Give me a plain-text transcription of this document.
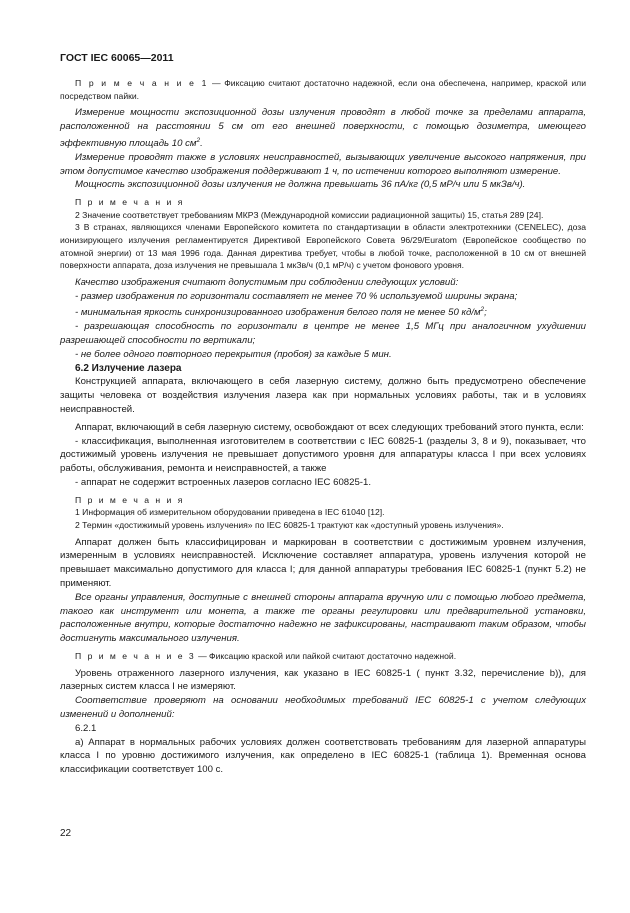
ГОСТ IEC 60065—2011

П р и м е ч а н и е 1 — Фиксацию считают достаточно надежной, если она обеспечена, например, краской или посредством пайки.

Измерение мощности экспозиционной дозы излучения проводят в любой точке за пределами аппарата, расположенной на расстоянии 5 см от его внешней поверхности, с помощью дозиметра, имеющего эффективную площадь 10 $см^2$.

Измерение проводят также в условиях неисправностей, вызывающих увеличение высокого напряжения, при этом допустимое качество изображения поддерживают 1 ч, по истечении которого выполняют измерение.

Мощность экспозиционной дозы излучения не должна превышать 36 пА/кг (0,5 мР/ч или 5 мкЗв/ч).

П р и м е ч а н и я

2 Значение соответствует требованиям МКРЗ (Международной комиссии радиационной защиты) 15, статья 289 [24].

3 В странах, являющихся членами Европейского комитета по стандартизации в области электротехники (CENELEC), доза ионизирующего излучения регламентируется Директивой Европейского Совета 96/29/Euratom (Европейское сообщество по атомной энергии) от 13 мая 1996 года. Данная директива требует, чтобы в любой точке, расположенной в 10 см от внешней поверхности аппарата, доза излучения не превышала 1 мкЗв/ч (0,1 мР/ч) с учетом фонового уровня.

Качество изображения считают допустимым при соблюдении следующих условий:

- размер изображения по горизонтали составляет не менее 70 % используемой ширины экрана;

- минимальная яркость синхронизированного изображения белого поля не менее 50 $кд/м^2$;

- разрешающая способность по горизонтали в центре не менее 1,5 МГц при аналогичном ухудшении разрешающей способности по вертикали;

- не более одного повторного перекрытия (пробоя) за каждые 5 мин.

6.2 Излучение лазера

Конструкцией аппарата, включающего в себя лазерную систему, должно быть предусмотрено обеспечение защиты человека от воздействия излучения лазера как при нормальных условиях работы, так и в условиях неисправностей.

Аппарат, включающий в себя лазерную систему, освобождают от всех следующих требований этого пункта, если:

- классификация, выполненная изготовителем в соответствии с IEC 60825-1 (разделы 3, 8 и 9), показывает, что достижимый уровень излучения не превышает допустимого уровня для аппаратуры класса I при всех условиях работы, обслуживания, ремонта и неисправностей, а также

- аппарат не содержит встроенных лазеров согласно IEC 60825-1.

П р и м е ч а н и я

1 Информация об измерительном оборудовании приведена в IEC 61040 [12].

2 Термин «достижимый уровень излучения» по IEC 60825-1 трактуют как «доступный уровень излучения».

Аппарат должен быть классифицирован и маркирован в соответствии с достижимым уровнем излучения, измеренным в условиях неисправностей. Исключение составляет аппаратура, уровень излучения которой не превышает максимально допустимого для класса I; для данной аппаратуры требования IEC 60825-1 (пункт 5.2) не применяют.

Все органы управления, доступные с внешней стороны аппарата вручную или с помощью любого предмета, такого как инструмент или монета, а также те органы регулировки или предварительной установки, расположенные внутри, которые достаточно надежно не зафиксированы, настраивают таким образом, чтобы достигнуть максимального излучения.

П р и м е ч а н и е 3 — Фиксацию краской или пайкой считают достаточно надежной.

Уровень отраженного лазерного излучения, как указано в IEC 60825-1 ( пункт 3.32, перечисление b)), для лазерных систем класса I не измеряют.

Соответствие проверяют на основании необходимых требований IEC 60825-1 с учетом следующих изменений и дополнений:

6.2.1

а) Аппарат в нормальных рабочих условиях должен соответствовать требованиям для лазерной аппаратуры класса I по уровню достижимого излучения, как определено в IEC 60825-1 (таблица 1). Временная основа классификации соответствует 100 с.

22
